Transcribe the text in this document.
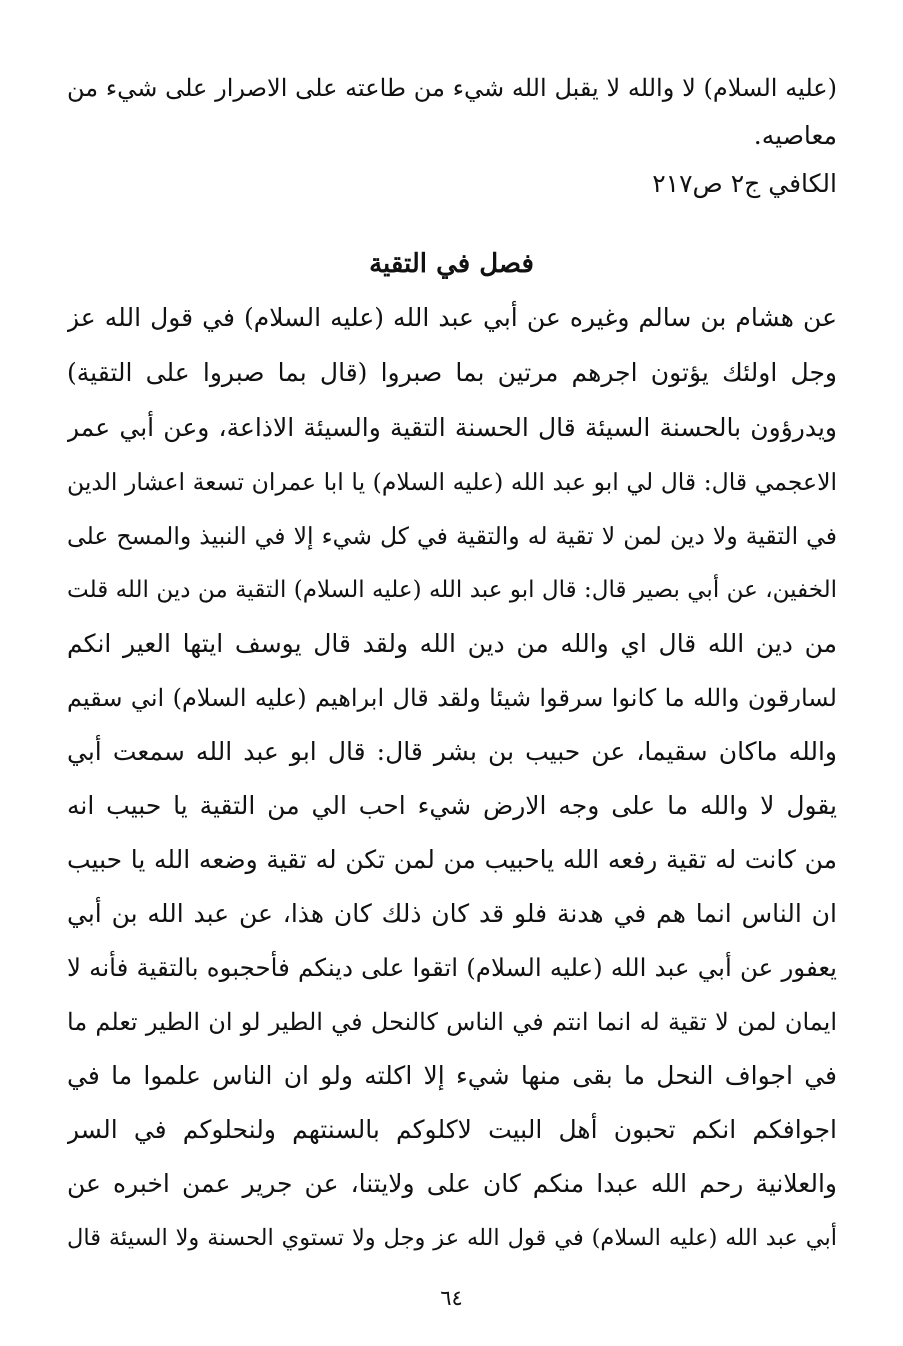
(عليه السلام) لا والله لا يقبل الله شيء من طاعته على الاصرار على شيء من

معاصيه.

الكافي ج٢ ص٢١٧

فصل في التقية

عن هشام بن سالم وغيره عن أبي عبد الله (عليه السلام) في قول الله عز

وجل اولئك يؤتون اجرهم مرتين بما صبروا (قال بما صبروا على التقية)

ويدرؤون بالحسنة السيئة قال الحسنة التقية والسيئة الاذاعة، وعن أبي عمر

الاعجمي قال: قال لي ابو عبد الله (عليه السلام) يا ابا عمران تسعة اعشار الدين

في التقية ولا دين لمن لا تقية له والتقية في كل شيء إلا في النبيذ والمسح على

الخفين، عن أبي بصير قال: قال ابو عبد الله (عليه السلام) التقية من دين الله قلت

من دين الله قال اي والله من دين الله ولقد قال يوسف ايتها العير انكم

لسارقون والله ما كانوا سرقوا شيئا ولقد قال ابراهيم (عليه السلام) اني سقيم

والله ماكان سقيما، عن حبيب بن بشر قال: قال ابو عبد الله سمعت أبي

يقول لا والله ما على وجه الارض شيء احب الي من التقية يا حبيب انه

من كانت له تقية رفعه الله ياحبيب من لمن تكن له تقية وضعه الله يا حبيب

ان الناس انما هم في هدنة فلو قد كان ذلك كان هذا، عن عبد الله بن أبي

يعفور عن أبي عبد الله (عليه السلام) اتقوا على دينكم فأحجبوه بالتقية فأنه لا

ايمان لمن لا تقية له انما انتم في الناس كالنحل في الطير لو ان الطير تعلم ما

في اجواف النحل ما بقى منها شيء إلا اكلته ولو ان الناس علموا ما في

اجوافكم انكم تحبون أهل البيت لاكلوكم بالسنتهم ولنحلوكم في السر

والعلانية رحم الله عبدا منكم كان على ولايتنا، عن جرير عمن اخبره عن

أبي عبد الله (عليه السلام) في قول الله عز وجل ولا تستوي الحسنة ولا السيئة قال

٦٤
